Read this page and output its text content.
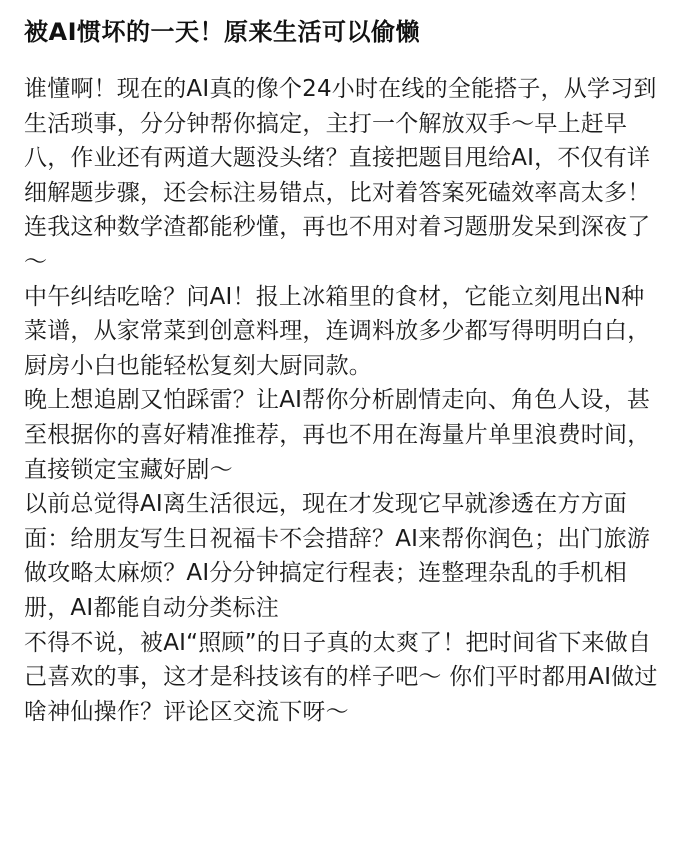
被AI惯坏的一天！原来生活可以偷懒

谁懂啊！现在的AI真的像个24小时在线的全能搭子，从学习到生活琐事，分分钟帮你搞定，主打一个解放双手～早上赶早八，作业还有两道大题没头绪？直接把题目甩给AI，不仅有详细解题步骤，还会标注易错点，比对着答案死磕效率高太多！连我这种数学渣都能秒懂，再也不用对着习题册发呆到深夜了～

中午纠结吃啥？问AI！报上冰箱里的食材，它能立刻甩出N种菜谱，从家常菜到创意料理，连调料放多少都写得明明白白，厨房小白也能轻松复刻大厨同款。

晚上想追剧又怕踩雷？让AI帮你分析剧情走向、角色人设，甚至根据你的喜好精准推荐，再也不用在海量片单里浪费时间，直接锁定宝藏好剧～

以前总觉得AI离生活很远，现在才发现它早就渗透在方方面面：给朋友写生日祝福卡不会措辞？AI来帮你润色；出门旅游做攻略太麻烦？AI分分钟搞定行程表；连整理杂乱的手机相册，AI都能自动分类标注

不得不说，被AI“照顾”的日子真的太爽了！把时间省下来做自己喜欢的事，这才是科技该有的样子吧～ 你们平时都用AI做过啥神仙操作？评论区交流下呀～
